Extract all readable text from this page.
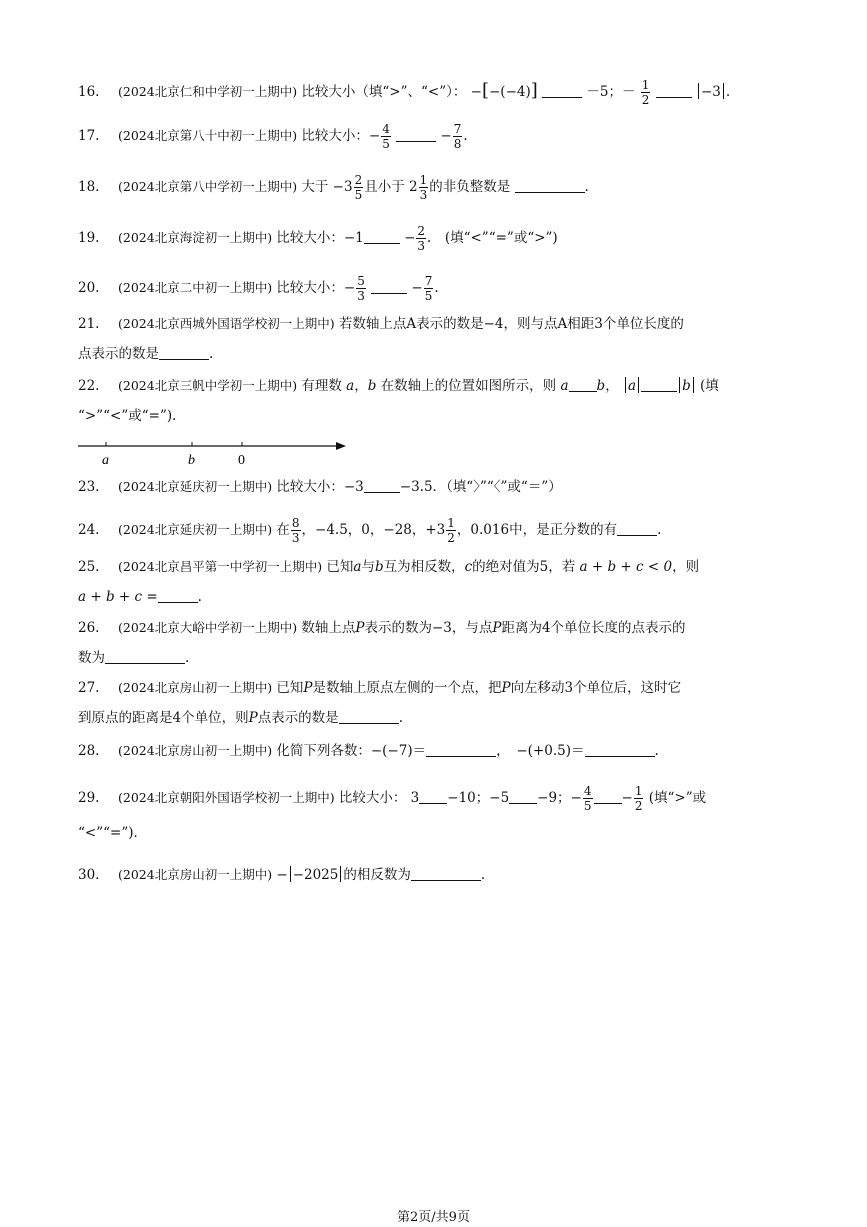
16. (2024北京仁和中学初一上期中) 比较大小（填“>”、“<”）： −[−(−4)]	－5；－ $\frac{1}{2}$	−3 .
17. (2024北京第八十中初一上期中) 比较大小：− $\frac{4}{5}$	− $\frac{7}{8}$ .
18. (2024北京第八中学初一上期中) 大于 $-3 \frac{2}{5}$ 且小于 $2 \frac{1}{3}$ 的非负整数是	.
19. (2024北京海淀初一上期中) 比较大小：−1	− $\frac{2}{3}$ .　(填“<”“=”或“>”)
20. (2024北京二中初一上期中) 比较大小：− $\frac{5}{3}$	− $\frac{7}{5}$ .
21. (2024北京西城外国语学校初一上期中) 若数轴上点A表示的数是−4，则与点A相距3个单位长度的
点表示的数是	.
22. (2024北京三帆中学初一上期中) 有理数 a，b 在数轴上的位置如图所示，则 a b， a	b (填
“>”“<”或“=”)．
a	b	0
23. (2024北京延庆初一上期中) 比较大小：−3	−3.5．（填“〉”“〈”或“＝”）
24. (2024北京延庆初一上期中) 在 $\frac{8}{3}$ ，−4.5，0，−28，$+3 \frac{1}{2}$ ，0.016中，是正分数的有	.
25. (2024北京昌平第一中学初一上期中) 已知a与b互为相反数，c的绝对值为5，若 a + b + c < 0，则
a + b + c =	.
26. (2024北京大峪中学初一上期中) 数轴上点P表示的数为−3，与点P距离为4个单位长度的点表示的
数为	.
27. (2024北京房山初一上期中) 已知P是数轴上原点左侧的一个点，把P向左移动3个单位后，这时它
到原点的距离是4个单位，则P点表示的数是	.
28. (2024北京房山初一上期中) 化简下列各数：−(−7)＝	，　−(+0.5)＝	.
29. (2024北京朝阳外国语学校初一上期中) 比较大小： 3 −10；−5 −9；− $\frac{4}{5} - \frac{1}{2}$ (填“>”或
“<”“=”)．
30. (2024北京房山初一上期中) − −2025 的相反数为	.
第2页/共9页
